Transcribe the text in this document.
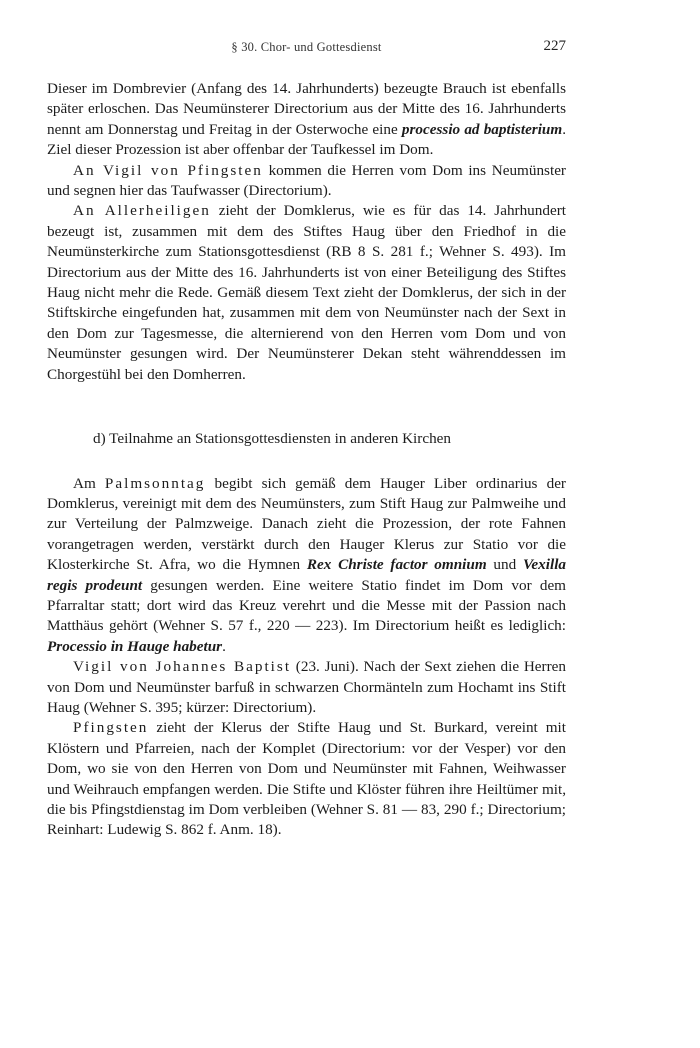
§ 30. Chor- und Gottesdienst	227

Dieser im Dombrevier (Anfang des 14. Jahrhunderts) bezeugte Brauch ist ebenfalls später erloschen. Das Neumünsterer Directorium aus der Mitte des 16. Jahrhunderts nennt am Donnerstag und Freitag in der Osterwoche eine processio ad baptisterium. Ziel dieser Prozession ist aber offenbar der Taufkessel im Dom.

An Vigil von Pfingsten kommen die Herren vom Dom ins Neumünster und segnen hier das Taufwasser (Directorium).

An Allerheiligen zieht der Domklerus, wie es für das 14. Jahrhundert bezeugt ist, zusammen mit dem des Stiftes Haug über den Friedhof in die Neumünsterkirche zum Stationsgottesdienst (RB 8 S. 281 f.; Wehner S. 493). Im Directorium aus der Mitte des 16. Jahrhunderts ist von einer Beteiligung des Stiftes Haug nicht mehr die Rede. Gemäß diesem Text zieht der Domklerus, der sich in der Stiftskirche eingefunden hat, zusammen mit dem von Neumünster nach der Sext in den Dom zur Tagesmesse, die alternierend von den Herren vom Dom und von Neumünster gesungen wird. Der Neumünsterer Dekan steht währenddessen im Chorgestühl bei den Domherren.

d) Teilnahme an Stationsgottesdiensten in anderen Kirchen

Am Palmsonntag begibt sich gemäß dem Hauger Liber ordinarius der Domklerus, vereinigt mit dem des Neumünsters, zum Stift Haug zur Palmweihe und zur Verteilung der Palmzweige. Danach zieht die Prozession, der rote Fahnen vorangetragen werden, verstärkt durch den Hauger Klerus zur Statio vor die Klosterkirche St. Afra, wo die Hymnen Rex Christe factor omnium und Vexilla regis prodeunt gesungen werden. Eine weitere Statio findet im Dom vor dem Pfarraltar statt; dort wird das Kreuz verehrt und die Messe mit der Passion nach Matthäus gehört (Wehner S. 57 f., 220 — 223). Im Directorium heißt es lediglich: Processio in Hauge habetur.

Vigil von Johannes Baptist (23. Juni). Nach der Sext ziehen die Herren von Dom und Neumünster barfuß in schwarzen Chormänteln zum Hochamt ins Stift Haug (Wehner S. 395; kürzer: Directorium).

Pfingsten zieht der Klerus der Stifte Haug und St. Burkard, vereint mit Klöstern und Pfarreien, nach der Komplet (Directorium: vor der Vesper) vor den Dom, wo sie von den Herren von Dom und Neumünster mit Fahnen, Weihwasser und Weihrauch empfangen werden. Die Stifte und Klöster führen ihre Heiltümer mit, die bis Pfingstdienstag im Dom verbleiben (Wehner S. 81 — 83, 290 f.; Directorium; Reinhart: Ludewig S. 862 f. Anm. 18).
